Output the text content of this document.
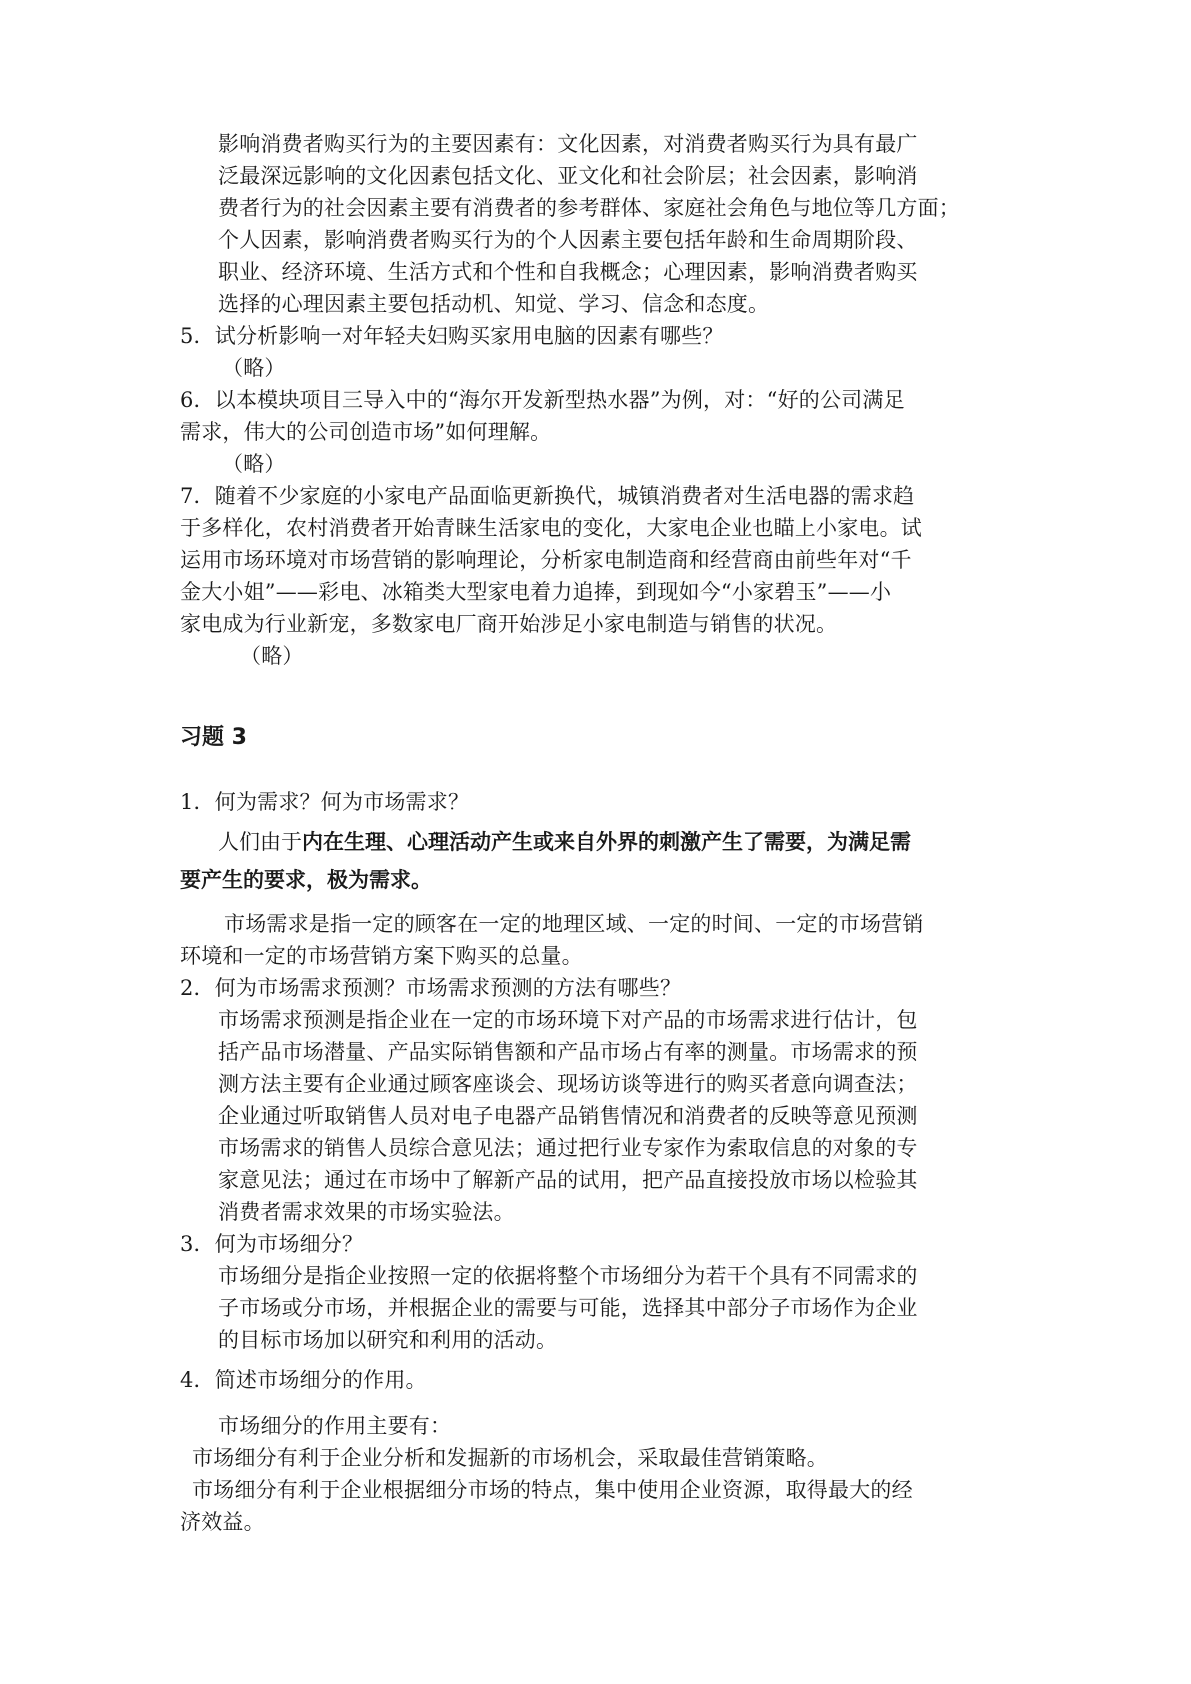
影响消费者购买行为的主要因素有：文化因素，对消费者购买行为具有最广
泛最深远影响的文化因素包括文化、亚文化和社会阶层；社会因素，影响消
费者行为的社会因素主要有消费者的参考群体、家庭社会角色与地位等几方面；
个人因素，影响消费者购买行为的个人因素主要包括年龄和生命周期阶段、
职业、经济环境、生活方式和个性和自我概念；心理因素，影响消费者购买
选择的心理因素主要包括动机、知觉、学习、信念和态度。
5．试分析影响一对年轻夫妇购买家用电脑的因素有哪些？
（略）
6．以本模块项目三导入中的“海尔开发新型热水器”为例，对：“好的公司满足
需求，伟大的公司创造市场”如何理解。
（略）
7．随着不少家庭的小家电产品面临更新换代，城镇消费者对生活电器的需求趋
于多样化，农村消费者开始青睐生活家电的变化，大家电企业也瞄上小家电。试
运用市场环境对市场营销的影响理论，分析家电制造商和经营商由前些年对“千
金大小姐”——彩电、冰箱类大型家电着力追捧，到现如今“小家碧玉”——小
家电成为行业新宠，多数家电厂商开始涉足小家电制造与销售的状况。
（略）
习题 3
1．何为需求？何为市场需求？
人们由于内在生理、心理活动产生或来自外界的刺激产生了需要，为满足需
要产生的要求，极为需求。
市场需求是指一定的顾客在一定的地理区域、一定的时间、一定的市场营销
环境和一定的市场营销方案下购买的总量。
2．何为市场需求预测？市场需求预测的方法有哪些？
市场需求预测是指企业在一定的市场环境下对产品的市场需求进行估计，包
括产品市场潜量、产品实际销售额和产品市场占有率的测量。市场需求的预
测方法主要有企业通过顾客座谈会、现场访谈等进行的购买者意向调查法；
企业通过听取销售人员对电子电器产品销售情况和消费者的反映等意见预测
市场需求的销售人员综合意见法；通过把行业专家作为索取信息的对象的专
家意见法；通过在市场中了解新产品的试用，把产品直接投放市场以检验其
消费者需求效果的市场实验法。
3．何为市场细分？
市场细分是指企业按照一定的依据将整个市场细分为若干个具有不同需求的
子市场或分市场，并根据企业的需要与可能，选择其中部分子市场作为企业
的目标市场加以研究和利用的活动。
4．简述市场细分的作用。
市场细分的作用主要有：
市场细分有利于企业分析和发掘新的市场机会，采取最佳营销策略。
市场细分有利于企业根据细分市场的特点，集中使用企业资源，取得最大的经
济效益。
